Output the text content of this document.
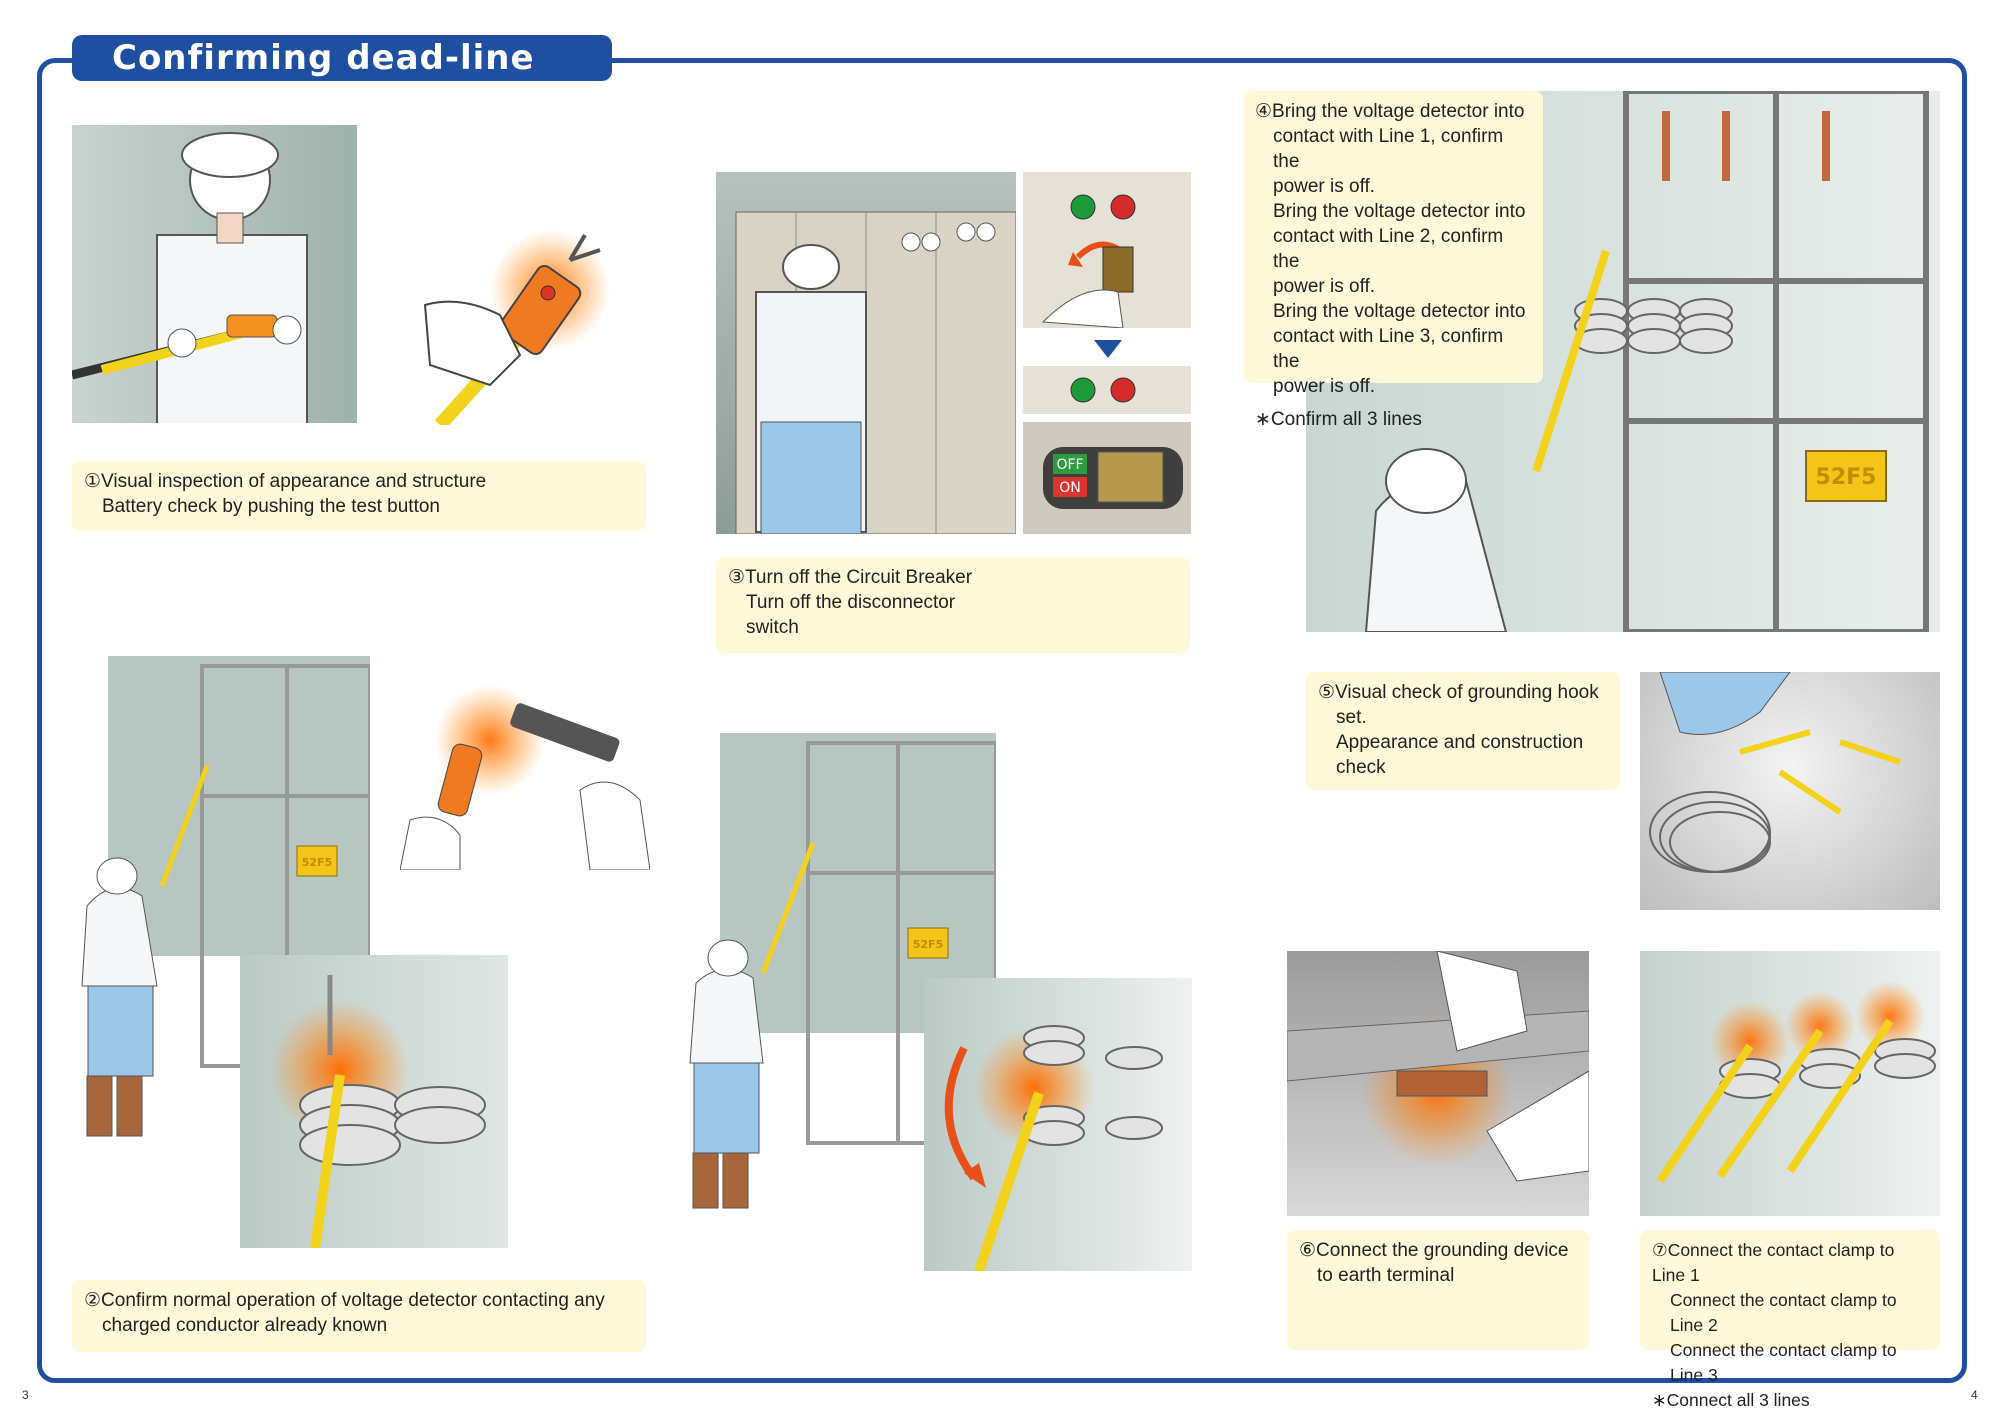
Confirming dead-line work
①Visual inspection of appearance and structure
Battery check by pushing the test button
OFF
ON
③Turn off the Circuit Breaker
Turn off the disconnector
switch
52F5
④Bring the voltage detector into
contact with Line 1, confirm the
power is off.
Bring the voltage detector into
contact with Line 2, confirm the
power is off.
Bring the voltage detector into
contact with Line 3, confirm the
power is off.
∗Confirm all 3 lines
52F5
②Confirm normal operation of voltage detector contacting any
charged conductor already known
52F5
⑤Visual check of grounding hook
set.
Appearance and construction
check
⑥Connect the grounding device
to earth terminal
⑦Connect the contact clamp to Line 1
Connect the contact clamp to Line 2
Connect the contact clamp to Line 3
∗Connect all 3 lines
3	4
